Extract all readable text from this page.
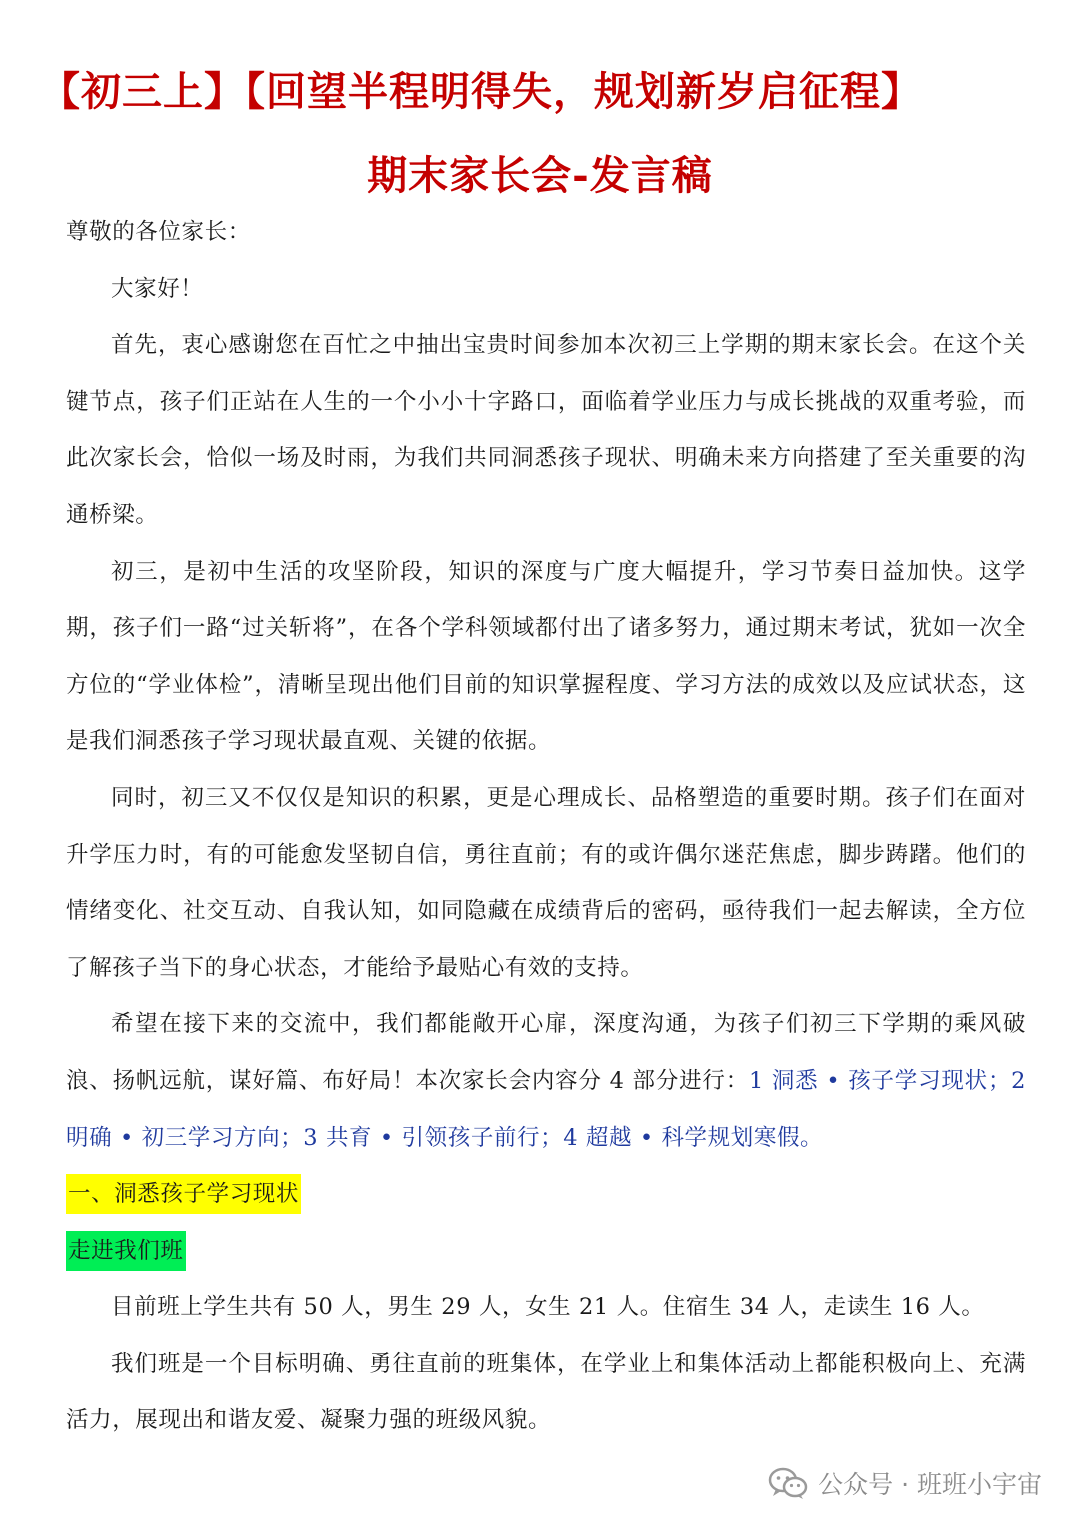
【初三上】【回望半程明得失，规划新岁启征程】
期末家长会-发言稿

尊敬的各位家长：

大家好！

首先，衷心感谢您在百忙之中抽出宝贵时间参加本次初三上学期的期末家长会。在这个关键节点，孩子们正站在人生的一个小小十字路口，面临着学业压力与成长挑战的双重考验，而此次家长会，恰似一场及时雨，为我们共同洞悉孩子现状、明确未来方向搭建了至关重要的沟通桥梁。

初三，是初中生活的攻坚阶段，知识的深度与广度大幅提升，学习节奏日益加快。这学期，孩子们一路“过关斩将”，在各个学科领域都付出了诸多努力，通过期末考试，犹如一次全方位的“学业体检”，清晰呈现出他们目前的知识掌握程度、学习方法的成效以及应试状态，这是我们洞悉孩子学习现状最直观、关键的依据。

同时，初三又不仅仅是知识的积累，更是心理成长、品格塑造的重要时期。孩子们在面对升学压力时，有的可能愈发坚韧自信，勇往直前；有的或许偶尔迷茫焦虑，脚步踌躇。他们的情绪变化、社交互动、自我认知，如同隐藏在成绩背后的密码，亟待我们一起去解读，全方位了解孩子当下的身心状态，才能给予最贴心有效的支持。

希望在接下来的交流中，我们都能敞开心扉，深度沟通，为孩子们初三下学期的乘风破浪、扬帆远航，谋好篇、布好局！本次家长会内容分 4 部分进行：1 洞悉 • 孩子学习现状；2 明确 • 初三学习方向；3 共育 • 引领孩子前行；4 超越 • 科学规划寒假。

一、洞悉孩子学习现状

走进我们班

目前班上学生共有 50 人，男生 29 人，女生 21 人。住宿生 34 人，走读生 16 人。

我们班是一个目标明确、勇往直前的班集体，在学业上和集体活动上都能积极向上、充满活力，展现出和谐友爱、凝聚力强的班级风貌。

公众号 · 班班小宇宙
